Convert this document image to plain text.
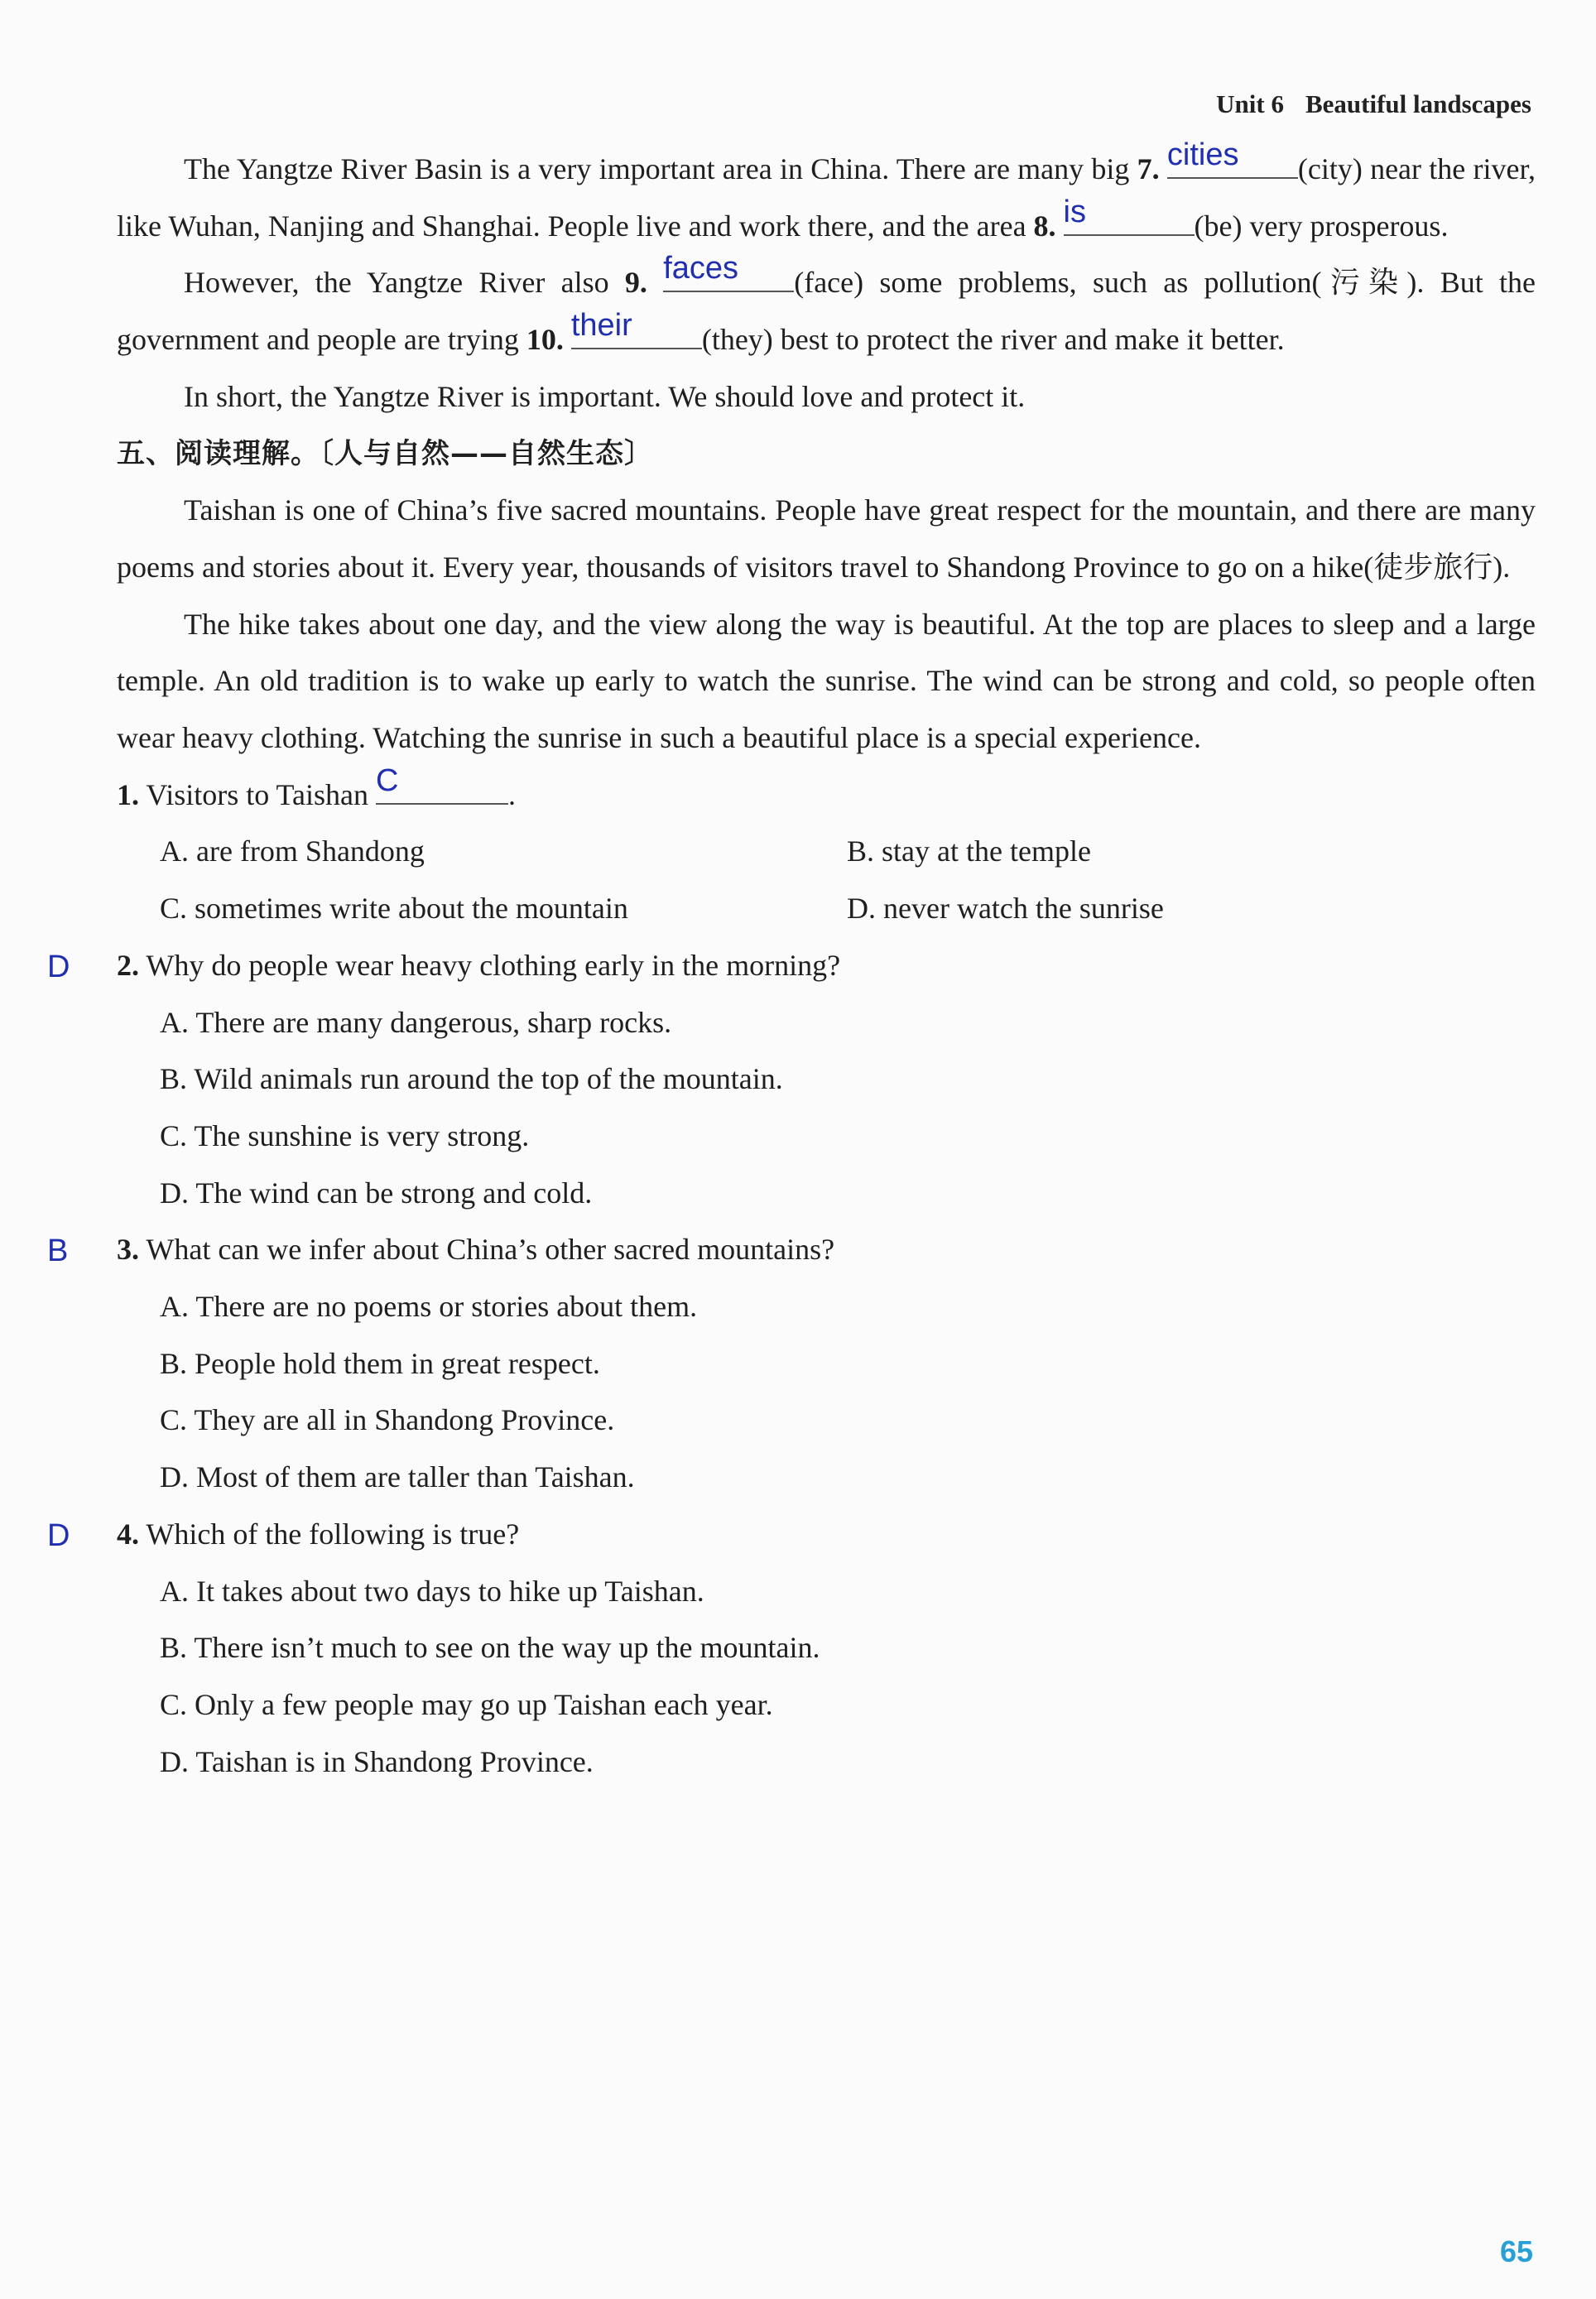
Unit 6 Beautiful landscapes

The Yangtze River Basin is a very important area in China. There are many big 7. cities	(city) near the river, like Wuhan, Nanjing and Shanghai. People live and work there, and the area 8. is	(be) very prosperous.

However, the Yangtze River also 9. faces	(face) some problems, such as pollution(污染). But the government and people are trying 10. their	(they) best to protect the river and make it better.

In short, the Yangtze River is important. We should love and protect it.

五、阅读理解。〔人与自然——自然生态〕

Taishan is one of China’s five sacred mountains. People have great respect for the mountain, and there are many poems and stories about it. Every year, thousands of visitors travel to Shandong Province to go on a hike(徒步旅行).

The hike takes about one day, and the view along the way is beautiful. At the top are places to sleep and a large temple. An old tradition is to wake up early to watch the sunrise. The wind can be strong and cold, so people often wear heavy clothing. Watching the sunrise in such a beautiful place is a special experience.

1. Visitors to Taishan C	.

A. are from Shandong	B. stay at the temple
C. sometimes write about the mountain	D. never watch the sunrise
D 2. Why do people wear heavy clothing early in the morning?

A. There are many dangerous, sharp rocks.
B. Wild animals run around the top of the mountain.
C. The sunshine is very strong.
D. The wind can be strong and cold.
B 3. What can we infer about China’s other sacred mountains?

A. There are no poems or stories about them.
B. People hold them in great respect.
C. They are all in Shandong Province.
D. Most of them are taller than Taishan.
D 4. Which of the following is true?

A. It takes about two days to hike up Taishan.
B. There isn’t much to see on the way up the mountain.
C. Only a few people may go up Taishan each year.
D. Taishan is in Shandong Province.
65
